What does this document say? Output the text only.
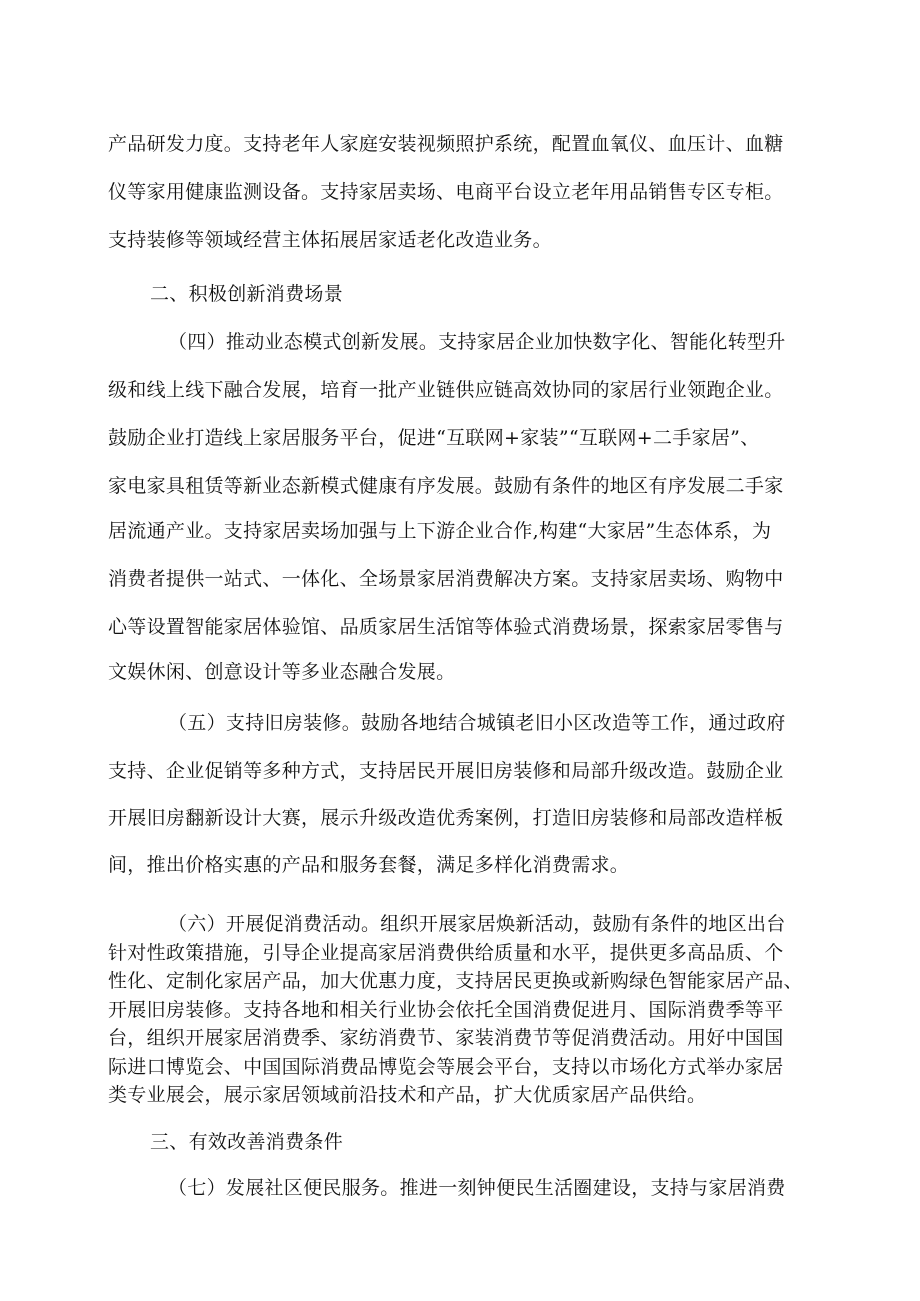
产品研发力度。支持老年人家庭安装视频照护系统，配置血氧仪、血压计、血糖
仪等家用健康监测设备。支持家居卖场、电商平台设立老年用品销售专区专柜。
支持装修等领域经营主体拓展居家适老化改造业务。
二、积极创新消费场景
（四）推动业态模式创新发展。支持家居企业加快数字化、智能化转型升
级和线上线下融合发展，培育一批产业链供应链高效协同的家居行业领跑企业。
鼓励企业打造线上家居服务平台，促进“互联网+家装”“互联网+二手家居”、
家电家具租赁等新业态新模式健康有序发展。鼓励有条件的地区有序发展二手家
居流通产业。支持家居卖场加强与上下游企业合作,构建“大家居”生态体系，为
消费者提供一站式、一体化、全场景家居消费解决方案。支持家居卖场、购物中
心等设置智能家居体验馆、品质家居生活馆等体验式消费场景，探索家居零售与
文娱休闲、创意设计等多业态融合发展。
（五）支持旧房装修。鼓励各地结合城镇老旧小区改造等工作，通过政府
支持、企业促销等多种方式，支持居民开展旧房装修和局部升级改造。鼓励企业
开展旧房翻新设计大赛，展示升级改造优秀案例，打造旧房装修和局部改造样板
间，推出价格实惠的产品和服务套餐，满足多样化消费需求。
（六）开展促消费活动。组织开展家居焕新活动，鼓励有条件的地区出台
针对性政策措施，引导企业提高家居消费供给质量和水平，提供更多高品质、个
性化、定制化家居产品，加大优惠力度，支持居民更换或新购绿色智能家居产品、
开展旧房装修。支持各地和相关行业协会依托全国消费促进月、国际消费季等平
台，组织开展家居消费季、家纺消费节、家装消费节等促消费活动。用好中国国
际进口博览会、中国国际消费品博览会等展会平台，支持以市场化方式举办家居
类专业展会，展示家居领域前沿技术和产品，扩大优质家居产品供给。
三、有效改善消费条件
（七）发展社区便民服务。推进一刻钟便民生活圈建设，支持与家居消费
